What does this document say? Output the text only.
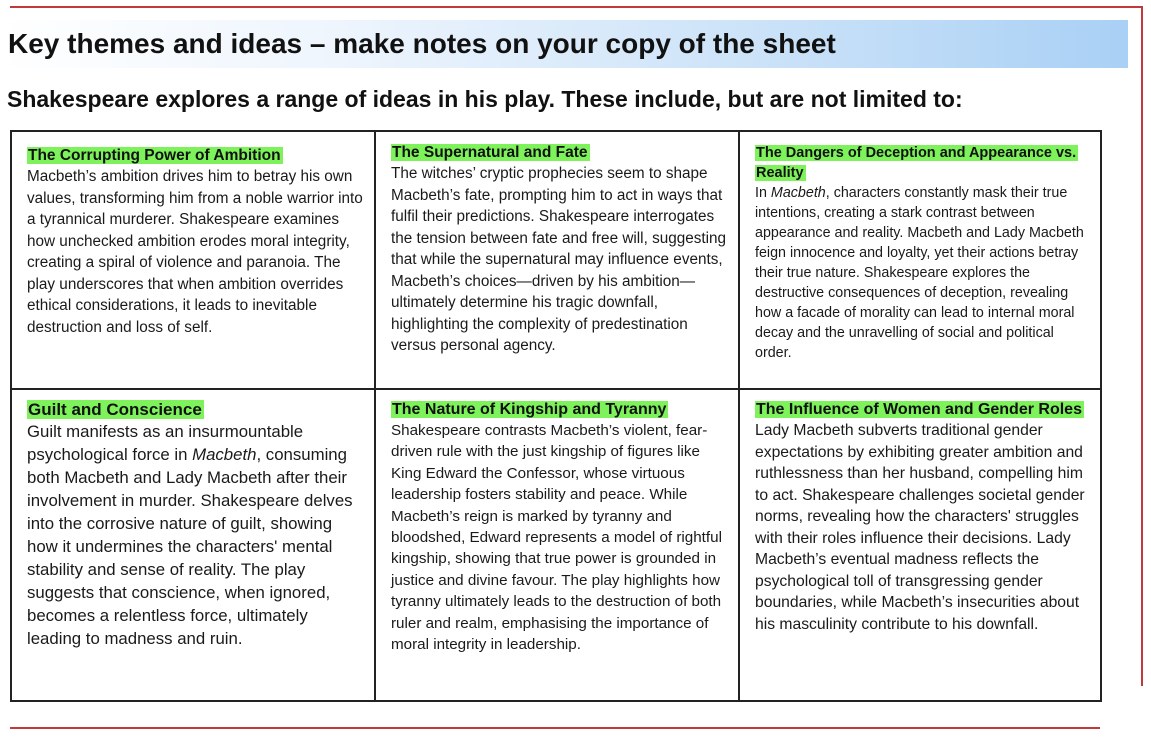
Key themes and ideas – make notes on your copy of the sheet
Shakespeare explores a range of ideas in his play. These include, but are not limited to:
The Corrupting Power of Ambition
Macbeth’s ambition drives him to betray his own values, transforming him from a noble warrior into a tyrannical murderer. Shakespeare examines how unchecked ambition erodes moral integrity, creating a spiral of violence and paranoia. The play underscores that when ambition overrides ethical considerations, it leads to inevitable destruction and loss of self.
The Supernatural and Fate
The witches’ cryptic prophecies seem to shape Macbeth’s fate, prompting him to act in ways that fulfil their predictions. Shakespeare interrogates the tension between fate and free will, suggesting that while the supernatural may influence events, Macbeth’s choices—driven by his ambition—ultimately determine his tragic downfall, highlighting the complexity of predestination versus personal agency.
The Dangers of Deception and Appearance vs. Reality
In Macbeth, characters constantly mask their true intentions, creating a stark contrast between appearance and reality. Macbeth and Lady Macbeth feign innocence and loyalty, yet their actions betray their true nature. Shakespeare explores the destructive consequences of deception, revealing how a facade of morality can lead to internal moral decay and the unravelling of social and political order.
Guilt and Conscience
Guilt manifests as an insurmountable psychological force in Macbeth, consuming both Macbeth and Lady Macbeth after their involvement in murder. Shakespeare delves into the corrosive nature of guilt, showing how it undermines the characters' mental stability and sense of reality. The play suggests that conscience, when ignored, becomes a relentless force, ultimately leading to madness and ruin.
The Nature of Kingship and Tyranny
Shakespeare contrasts Macbeth’s violent, fear-driven rule with the just kingship of figures like King Edward the Confessor, whose virtuous leadership fosters stability and peace. While Macbeth’s reign is marked by tyranny and bloodshed, Edward represents a model of rightful kingship, showing that true power is grounded in justice and divine favour. The play highlights how tyranny ultimately leads to the destruction of both ruler and realm, emphasising the importance of moral integrity in leadership.
The Influence of Women and Gender Roles
Lady Macbeth subverts traditional gender expectations by exhibiting greater ambition and ruthlessness than her husband, compelling him to act. Shakespeare challenges societal gender norms, revealing how the characters' struggles with their roles influence their decisions. Lady Macbeth’s eventual madness reflects the psychological toll of transgressing gender boundaries, while Macbeth’s insecurities about his masculinity contribute to his downfall.
